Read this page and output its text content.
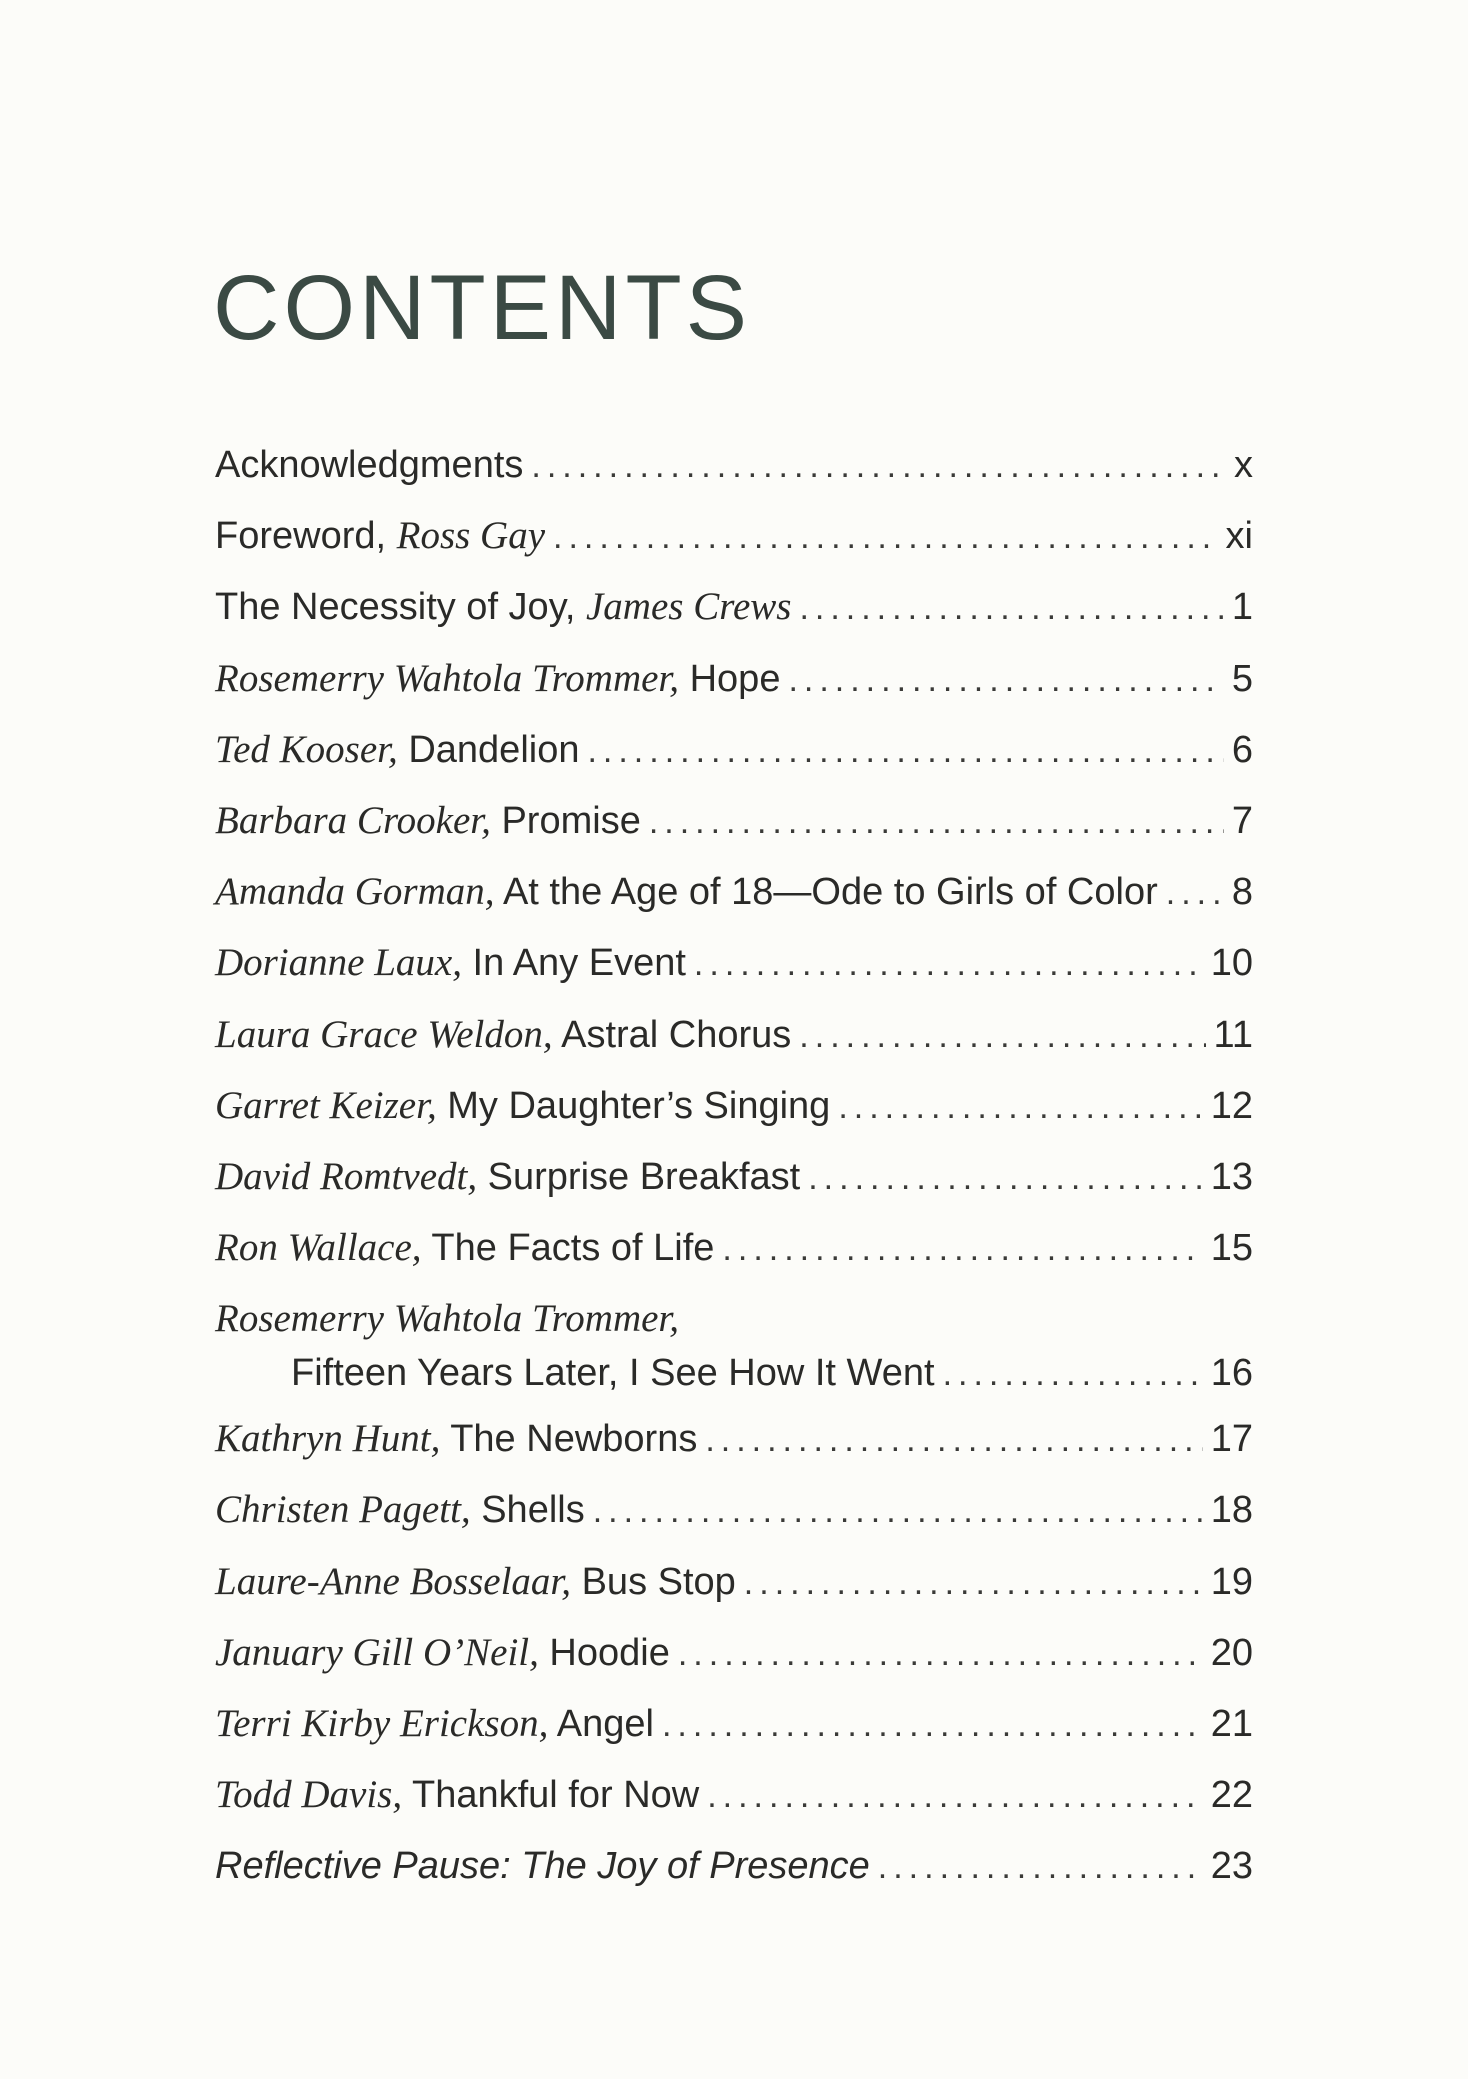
CONTENTS
Acknowledgments .....	x
Foreword, Ross Gay .....	xi
The Necessity of Joy, James Crews .....	1
Rosemerry Wahtola Trommer, Hope .....	5
Ted Kooser, Dandelion .....	6
Barbara Crooker, Promise .....	7
Amanda Gorman, At the Age of 18—Ode to Girls of Color ..... 8
Dorianne Laux, In Any Event .....	10
Laura Grace Weldon, Astral Chorus .....	11
Garret Keizer, My Daughter’s Singing .....	12
David Romtvedt, Surprise Breakfast .....	13
Ron Wallace, The Facts of Life .....	15
Rosemerry Wahtola Trommer,
Fifteen Years Later, I See How It Went .....	16
Kathryn Hunt, The Newborns .....	17
Christen Pagett, Shells .....	18
Laure-Anne Bosselaar, Bus Stop .....	19
January Gill O’Neil, Hoodie .....	20
Terri Kirby Erickson, Angel .....	21
Todd Davis, Thankful for Now .....	22
Reflective Pause: The Joy of Presence .....	23
